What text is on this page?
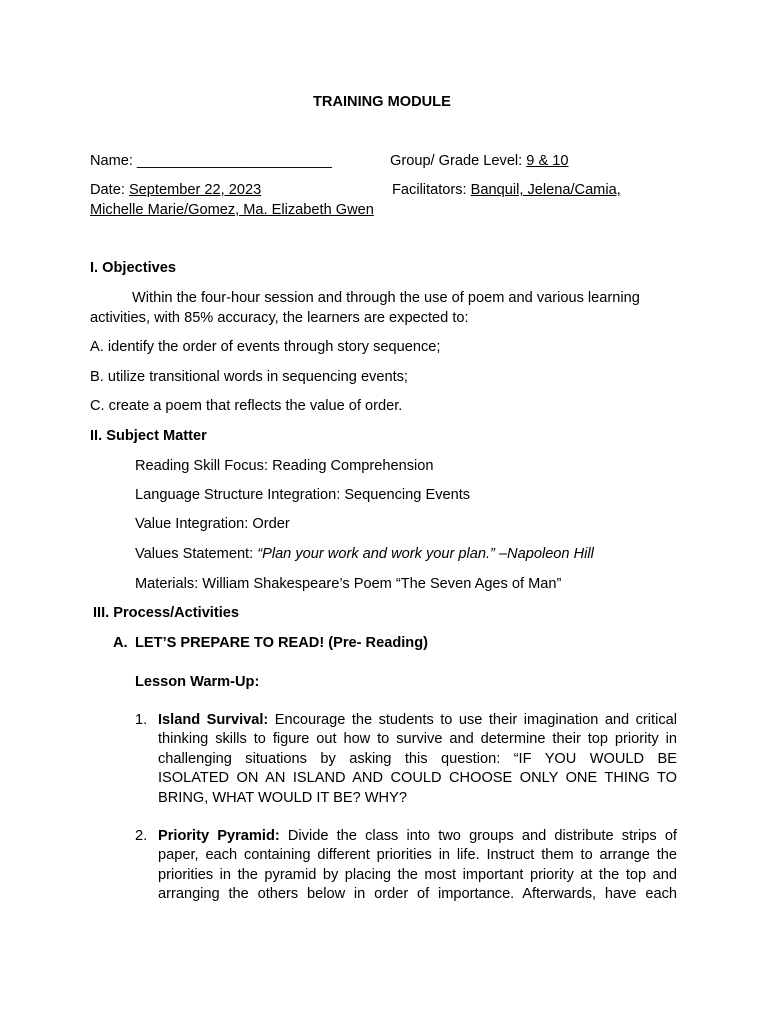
TRAINING MODULE
Name: ________________________	Group/ Grade Level: 9 & 10
Date: September 22, 2023	Facilitators: Banquil, Jelena/Camia,
Michelle Marie/Gomez, Ma. Elizabeth Gwen
I. Objectives
Within the four-hour session and through the use of poem and various learning
activities, with 85% accuracy, the learners are expected to:
A. identify the order of events through story sequence;
B. utilize transitional words in sequencing events;
C. create a poem that reflects the value of order.
II. Subject Matter
Reading Skill Focus: Reading Comprehension
Language Structure Integration: Sequencing Events
Value Integration: Order
Values Statement: “Plan your work and work your plan.” –Napoleon Hill
Materials: William Shakespeare’s Poem “The Seven Ages of Man”
III. Process/Activities
A. LET’S PREPARE TO READ! (Pre- Reading)
Lesson Warm-Up:
1. Island Survival: Encourage the students to use their imagination and critical
thinking skills to figure out how to survive and determine their top priority in
challenging situations by asking this question: “IF YOU WOULD BE
ISOLATED ON AN ISLAND AND COULD CHOOSE ONLY ONE THING TO
BRING, WHAT WOULD IT BE? WHY?
2. Priority Pyramid: Divide the class into two groups and distribute strips of
paper, each containing different priorities in life. Instruct them to arrange the
priorities in the pyramid by placing the most important priority at the top and
arranging the others below in order of importance. Afterwards, have each
